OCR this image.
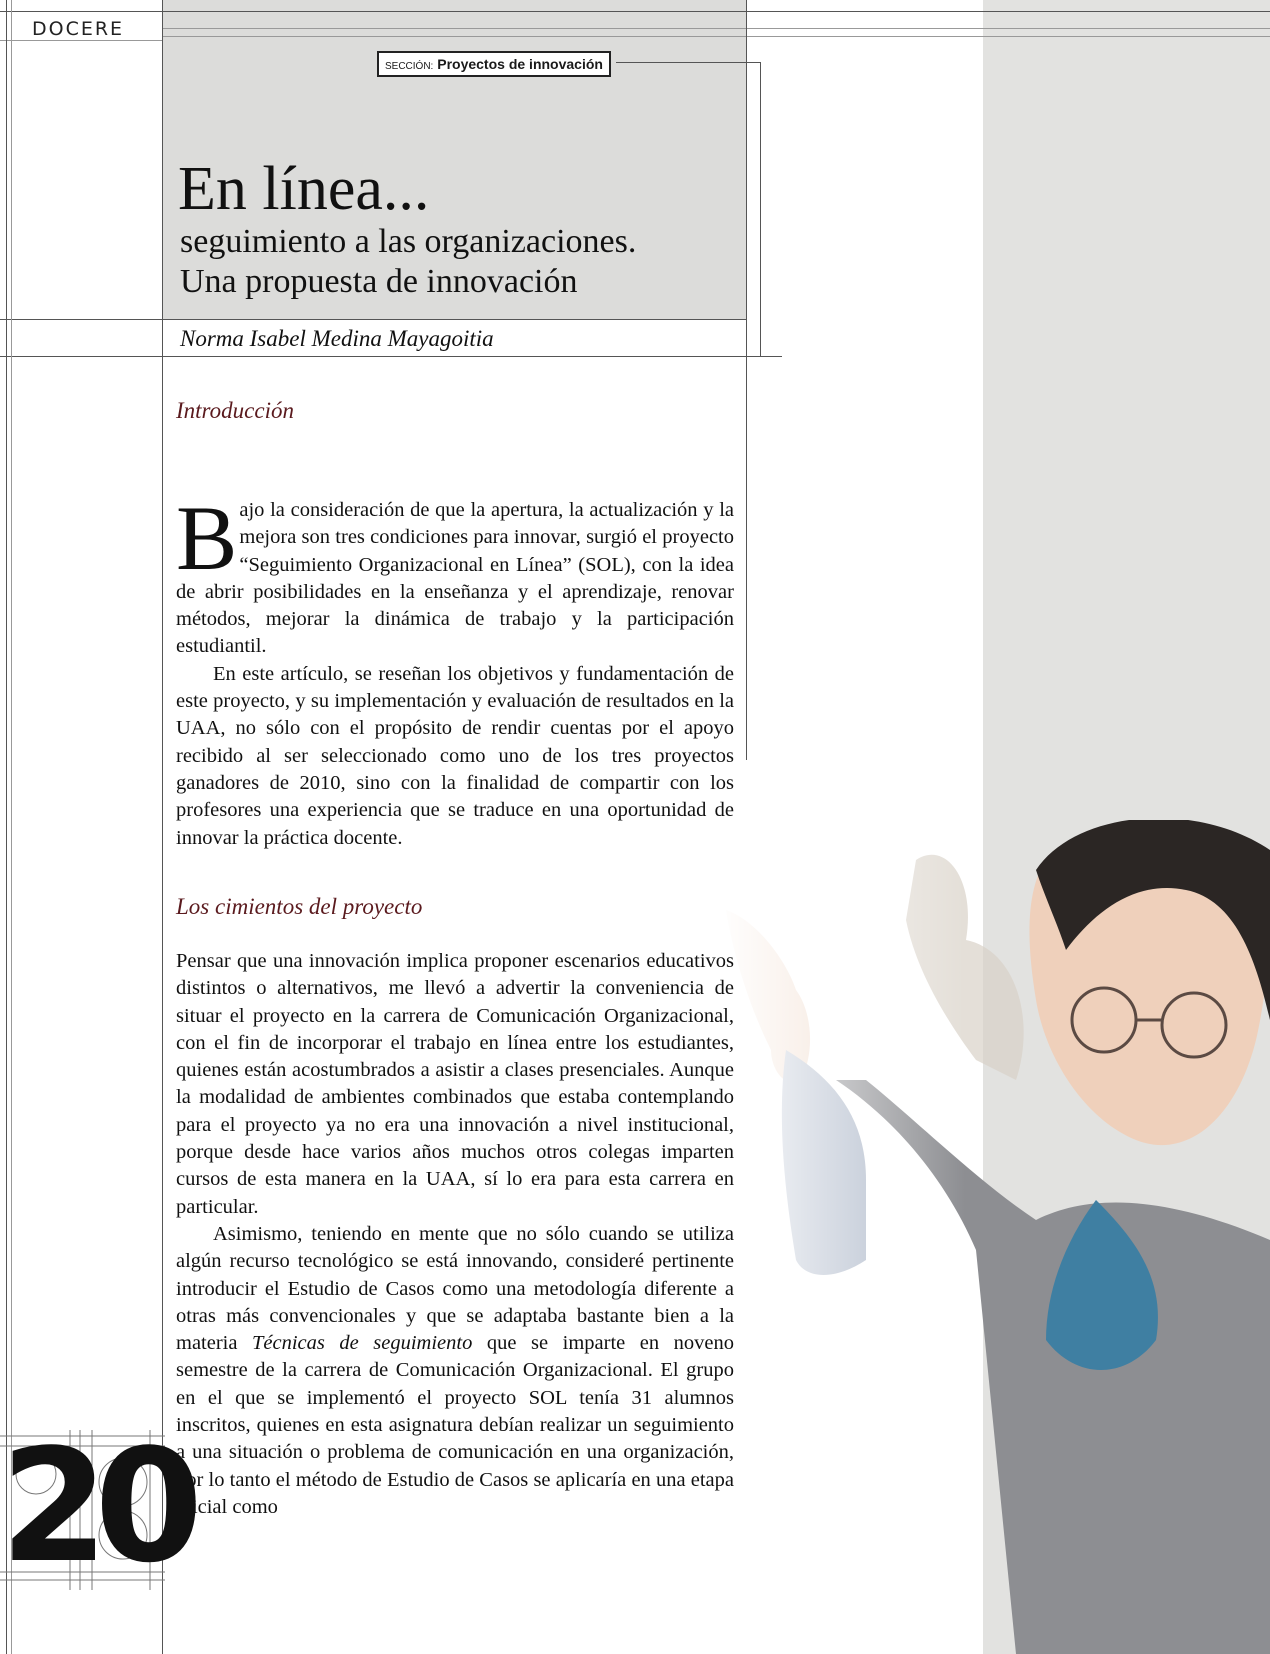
DOCERE
SECCIÓN: Proyectos de innovación
En línea...
seguimiento a las organizaciones.
Una propuesta de innovación
Norma Isabel Medina Mayagoitia
Introducción

Bajo la consideración de que la apertura, la actualización y la mejora son tres condiciones para innovar, surgió el proyecto “Seguimiento Organizacional en Línea” (SOL), con la idea de abrir posibilidades en la enseñanza y el aprendizaje, renovar métodos, mejorar la dinámica de trabajo y la participación estudiantil.

En este artículo, se reseñan los objetivos y fundamentación de este proyecto, y su implementación y evaluación de resultados en la UAA, no sólo con el propósito de rendir cuentas por el apoyo recibido al ser seleccionado como uno de los tres proyectos ganadores de 2010, sino con la finalidad de compartir con los profesores una experiencia que se traduce en una oportunidad de innovar la práctica docente.

Los cimientos del proyecto

Pensar que una innovación implica proponer escenarios educativos distintos o alternativos, me llevó a advertir la conveniencia de situar el proyecto en la carrera de Comunicación Organizacional, con el fin de incorporar el trabajo en línea entre los estudiantes, quienes están acostumbrados a asistir a clases presenciales. Aunque la modalidad de ambientes combinados que estaba contemplando para el proyecto ya no era una innovación a nivel institucional, porque desde hace varios años muchos otros colegas imparten cursos de esta manera en la UAA, sí lo era para esta carrera en particular.

Asimismo, teniendo en mente que no sólo cuando se utiliza algún recurso tecnológico se está innovando, consideré pertinente introducir el Estudio de Casos como una metodología diferente a otras más convencionales y que se adaptaba bastante bien a la materia Técnicas de seguimiento que se imparte en noveno semestre de la carrera de Comunicación Organizacional. El grupo en el que se implementó el proyecto SOL tenía 31 alumnos inscritos, quienes en esta asignatura debían realizar un seguimiento a una situación o problema de comunicación en una organización, por lo tanto el método de Estudio de Casos se aplicaría en una etapa inicial como

20
